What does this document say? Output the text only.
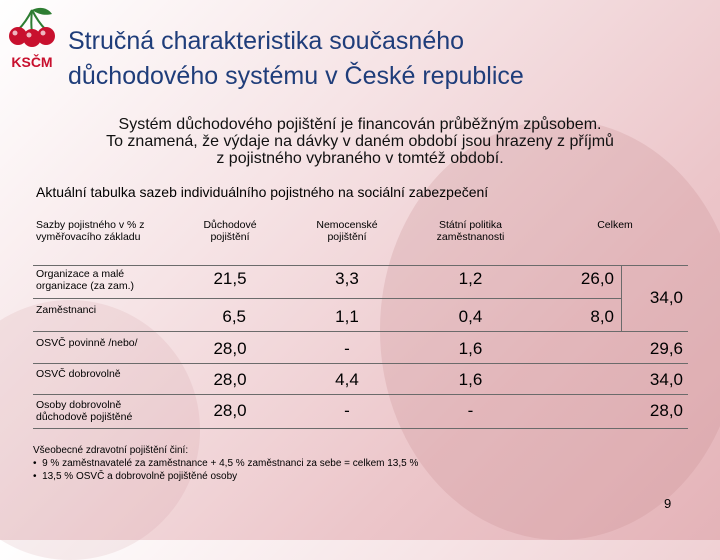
KSČM
Stručná charakteristika současného
důchodového systému v České republice
Systém důchodového pojištění je financován průběžným způsobem.
To znamená, že výdaje na dávky v daném období jsou hrazeny z příjmů
z pojistného vybraného v tomtéž období.
Aktuální tabulka sazeb individuálního pojistného na sociální zabezpečení
Sazby pojistného v % z vyměřovacího základu
Důchodové pojištění
Nemocenské pojištění
Státní politika zaměstnanosti
Celkem
Organizace a malé organizace (za zam.)	21,5	3,3	1,2	26,0
Zaměstnanci	6,5	1,1	0,4	8,0
34,0
OSVČ povinně /nebo/	28,0	-	1,6	29,6
OSVČ dobrovolně	28,0	4,4	1,6	34,0
Osoby dobrovolně důchodově pojištěné	28,0	-	-	28,0
Všeobecné zdravotní pojištění činí:
•  9 % zaměstnavatelé za zaměstnance + 4,5 % zaměstnanci za sebe = celkem 13,5 %
•  13,5 % OSVČ a dobrovolně pojištěné osoby
9
